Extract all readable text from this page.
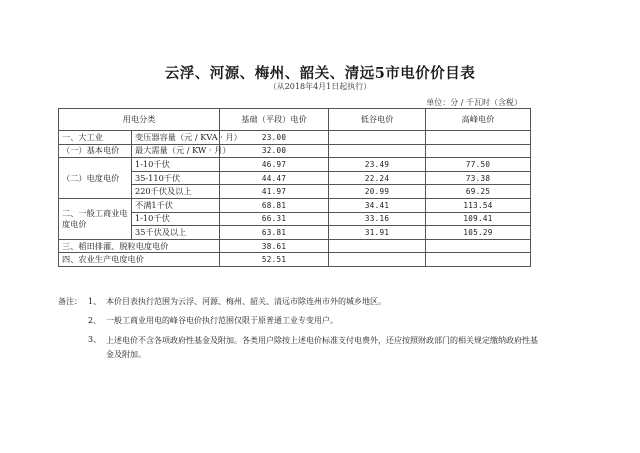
云浮、河源、梅州、韶关、清远5市电价价目表
（从2018年4月1日起执行）
单位：分 / 千瓦时（含税）
用电分类		基础（平段）电价	低谷电价	高峰电价
一、大工业	变压器容量（元 / KVA · 月）	23.00		
（一）基本电价	最大需量（元 / KW · 月）	32.00		
（二）电度电价	1-10千伏	46.97	23.49	77.50
	35-110千伏	44.47	22.24	73.38
	220千伏及以上	41.97	20.99	69.25
二、一般工商业电度电价	不满1千伏	68.81	34.41	113.54
	1-10千伏	66.31	33.16	109.41
	35千伏及以上	63.81	31.91	105.29
三、稻田排灌、脱粒电度电价		38.61		
四、农业生产电度电价		52.51		
备注： 1、 本价目表执行范围为云浮、河源、梅州、韶关、清远市除连州市外的城乡地区。
2、 一般工商业用电的峰谷电价执行范围仅限于原普通工业专变用户。
3、 上述电价不含各项政府性基金及附加。各类用户除按上述电价标准支付电费外，还应按照财政部门的相关规定缴纳政府性基金及附加。
